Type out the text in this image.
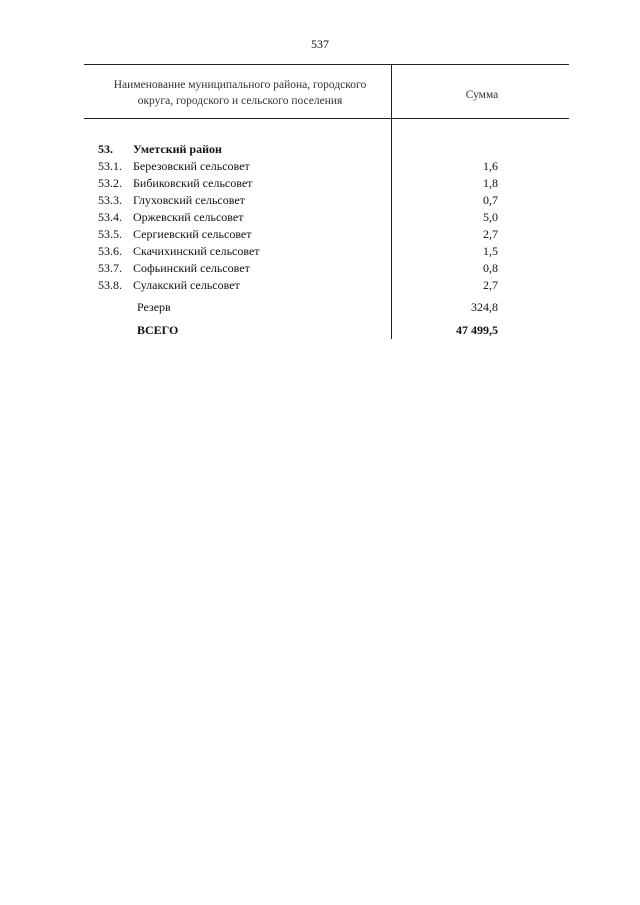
537
Наименование муниципального района, городского
округа, городского и сельского поселения	Сумма
53. Уметский район
53.1. Березовский сельсовет	1,6
53.2. Бибиковский сельсовет	1,8
53.3. Глуховский сельсовет	0,7
53.4. Оржевский сельсовет	5,0
53.5. Сергиевский сельсовет	2,7
53.6. Скачихинский сельсовет	1,5
53.7. Софьинский сельсовет	0,8
53.8. Сулакский сельсовет	2,7
Резерв	324,8
ВСЕГО	47 499,5
